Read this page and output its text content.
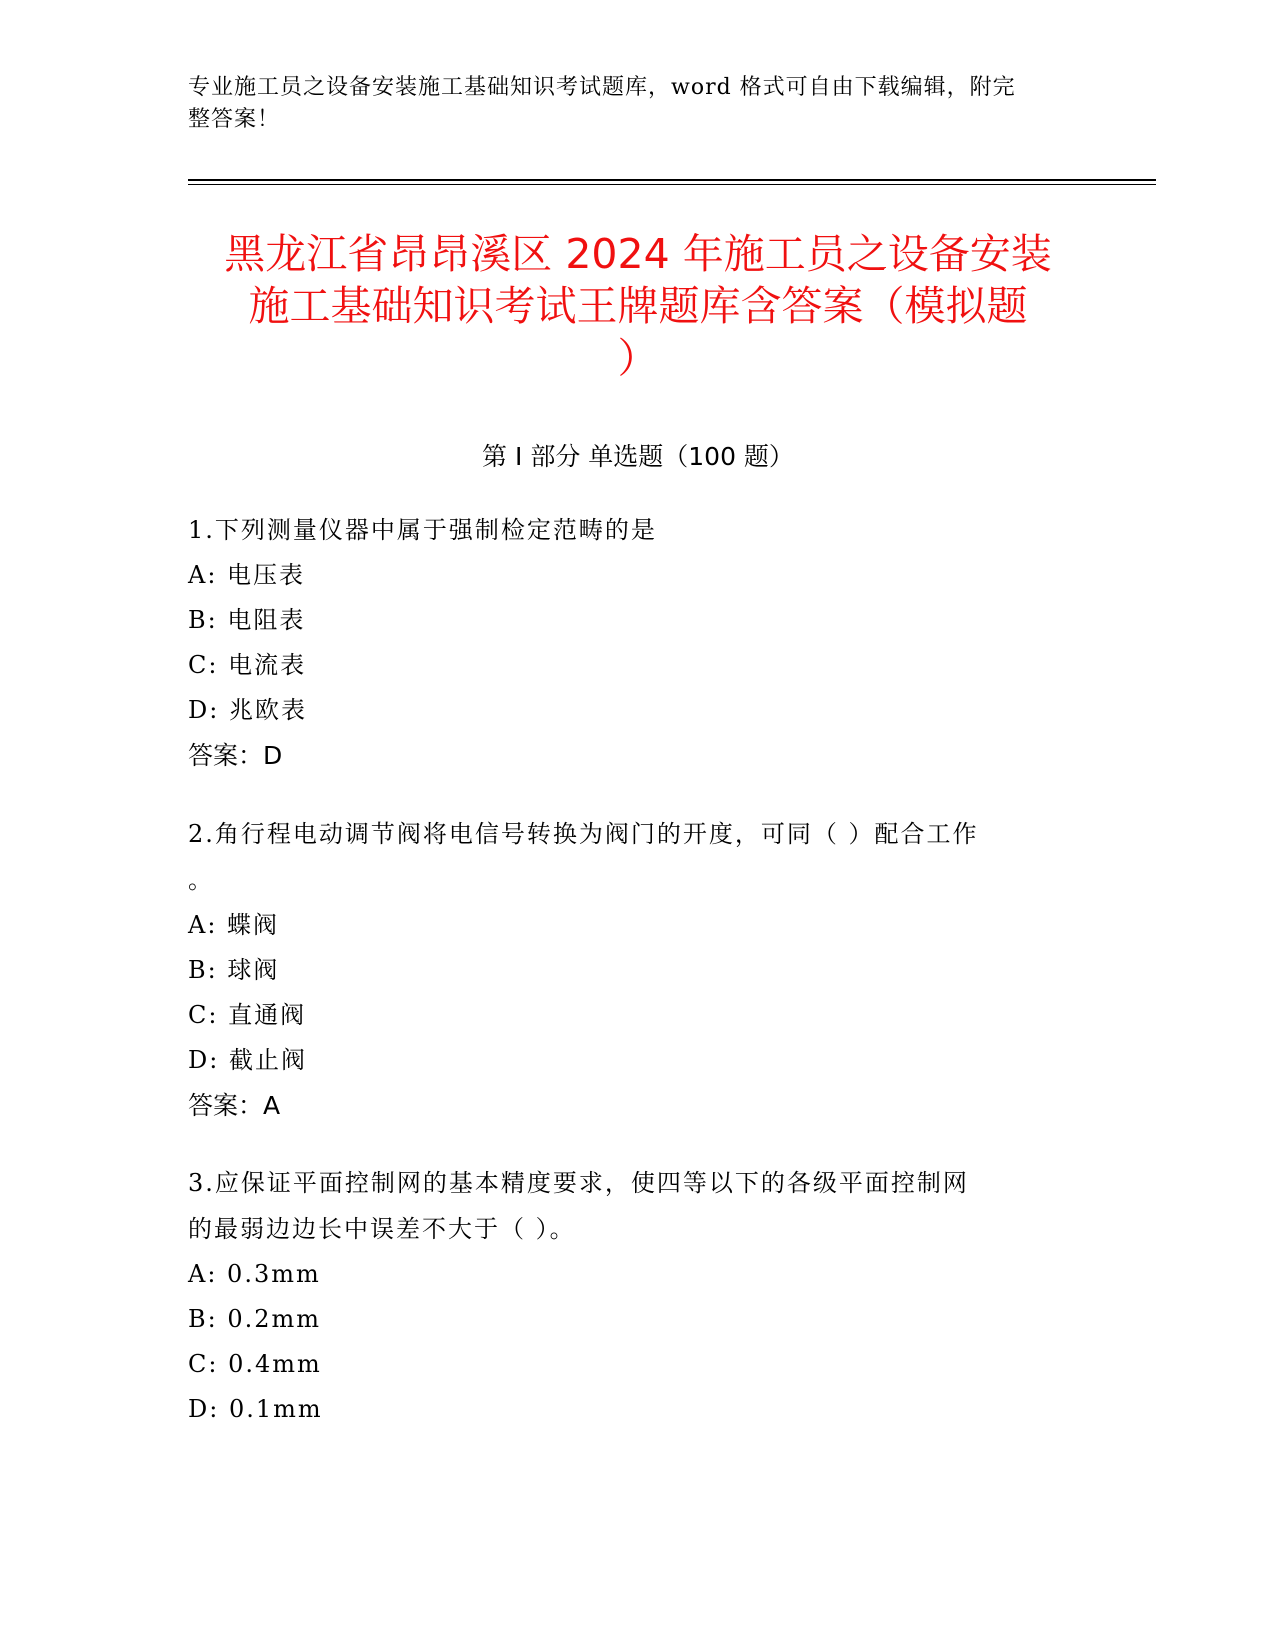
专业施工员之设备安装施工基础知识考试题库，word 格式可自由下载编辑，附完
整答案！
黑龙江省昂昂溪区 2024 年施工员之设备安装
施工基础知识考试王牌题库含答案（模拟题
）
第 I 部分 单选题（100 题）
1.下列测量仪器中属于强制检定范畴的是
A: 电压表
B: 电阻表
C: 电流表
D: 兆欧表
答案：D
2.角行程电动调节阀将电信号转换为阀门的开度，可同（ ）配合工作
。
A: 蝶阀
B: 球阀
C: 直通阀
D: 截止阀
答案：A
3.应保证平面控制网的基本精度要求，使四等以下的各级平面控制网
的最弱边边长中误差不大于（ ）。
A: 0.3mm
B: 0.2mm
C: 0.4mm
D: 0.1mm
